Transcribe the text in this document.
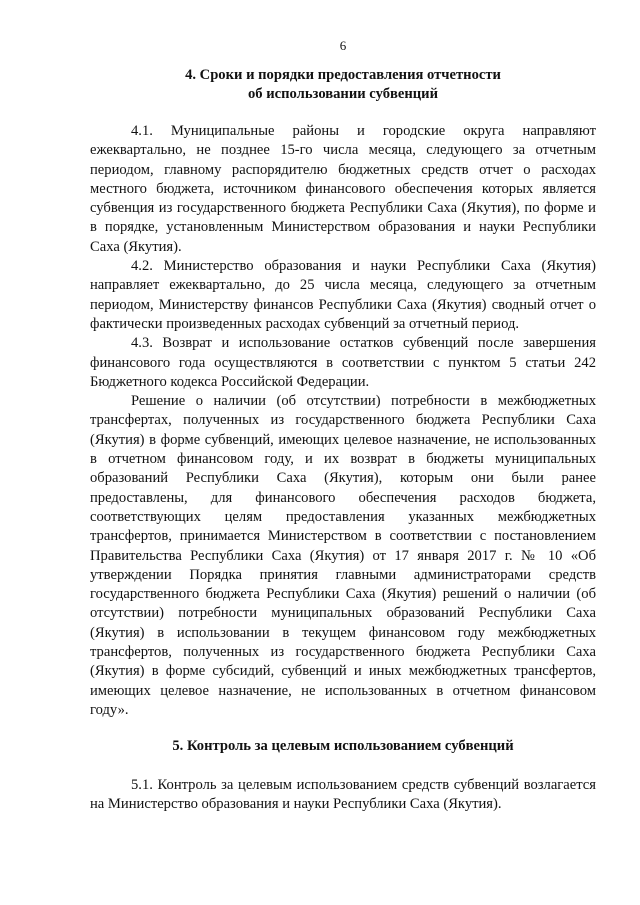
6
4. Сроки и порядки предоставления отчетности
об использовании субвенций

4.1. Муниципальные районы и городские округа направляют ежеквартально, не позднее 15-го числа месяца, следующего за отчетным периодом, главному распорядителю бюджетных средств отчет о расходах местного бюджета, источником финансового обеспечения которых является субвенция из государственного бюджета Республики Саха (Якутия), по форме и в порядке, установленным Министерством образования и науки Республики Саха (Якутия).

4.2. Министерство образования и науки Республики Саха (Якутия) направляет ежеквартально, до 25 числа месяца, следующего за отчетным периодом, Министерству финансов Республики Саха (Якутия) сводный отчет о фактически произведенных расходах субвенций за отчетный период.

4.3. Возврат и использование остатков субвенций после завершения финансового года осуществляются в соответствии с пунктом 5 статьи 242 Бюджетного кодекса Российской Федерации.

Решение о наличии (об отсутствии) потребности в межбюджетных трансфертах, полученных из государственного бюджета Республики Саха (Якутия) в форме субвенций, имеющих целевое назначение, не использованных в отчетном финансовом году, и их возврат в бюджеты муниципальных образований Республики Саха (Якутия), которым они были ранее предоставлены, для финансового обеспечения расходов бюджета, соответствующих целям предоставления указанных межбюджетных трансфертов, принимается Министерством в соответствии с постановлением Правительства Республики Саха (Якутия) от 17 января 2017 г. № 10 «Об утверждении Порядка принятия главными администраторами средств государственного бюджета Республики Саха (Якутия) решений о наличии (об отсутствии) потребности муниципальных образований Республики Саха (Якутия) в использовании в текущем финансовом году межбюджетных трансфертов, полученных из государственного бюджета Республики Саха (Якутия) в форме субсидий, субвенций и иных межбюджетных трансфертов, имеющих целевое назначение, не использованных в отчетном финансовом году».

5. Контроль за целевым использованием субвенций

5.1. Контроль за целевым использованием средств субвенций возлагается на Министерство образования и науки Республики Саха (Якутия).
